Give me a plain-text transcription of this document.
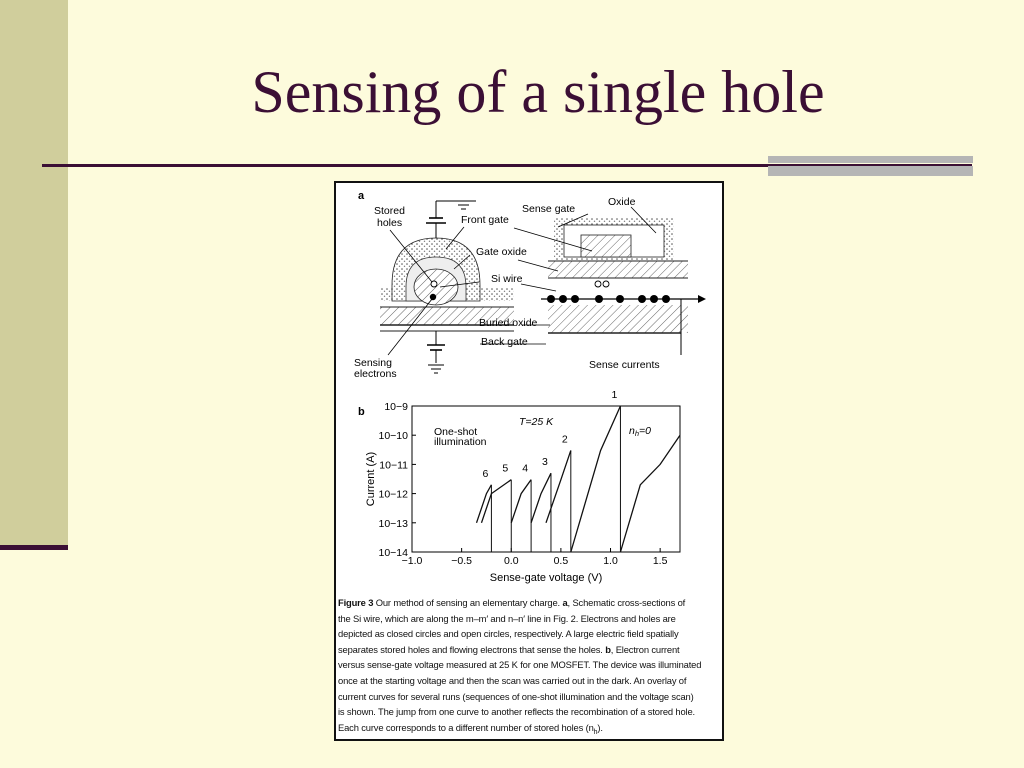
Sensing of a single hole
a
Stored
holes	Front gate
Gate oxide
Si wire
Sense gate
Oxide
Buried oxide
Back gate
Sensing
electrons
Sense currents
b
−1.0	−0.5	0.0	0.5	1.0	1.5
10−9
10−10
10−11
10−12
10−13
10−14
Sense-gate voltage (V)
Current (A)
1
2
3
4
5
6
T=25 K
One-shot
illumination
nh=0
Figure 3 Our method of sensing an elementary charge. a, Schematic cross-sections of
the Si wire, which are along the m–m′ and n–n′ line in Fig. 2. Electrons and holes are
depicted as closed circles and open circles, respectively. A large electric field spatially
separates stored holes and flowing electrons that sense the holes. b, Electron current
versus sense-gate voltage measured at 25 K for one MOSFET. The device was illuminated
once at the starting voltage and then the scan was carried out in the dark. An overlay of
current curves for several runs (sequences of one-shot illumination and the voltage scan)
is shown. The jump from one curve to another reflects the recombination of a stored hole.
Each curve corresponds to a different number of stored holes $(n_h)$.
